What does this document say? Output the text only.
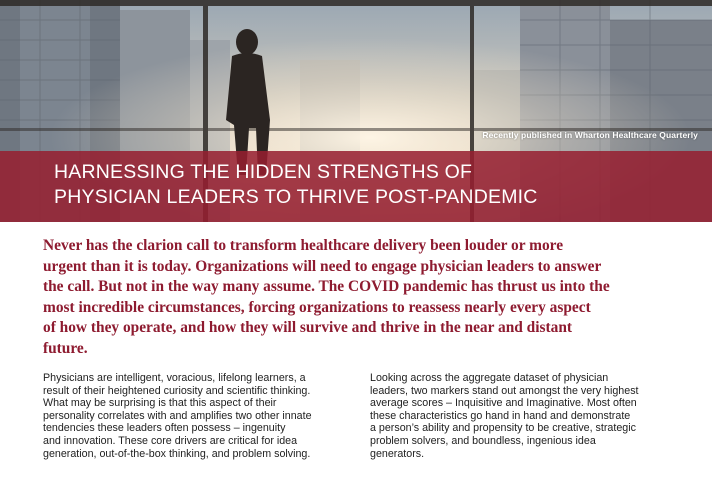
Recently published in Wharton Healthcare Quarterly
HARNESSING THE HIDDEN STRENGTHS OF
PHYSICIAN LEADERS TO THRIVE POST-PANDEMIC
Never has the clarion call to transform healthcare delivery been louder or more
urgent than it is today. Organizations will need to engage physician leaders to answer
the call. But not in the way many assume. The COVID pandemic has thrust us into the
most incredible circumstances, forcing organizations to reassess nearly every aspect
of how they operate, and how they will survive and thrive in the near and distant
future.
Physicians are intelligent, voracious, lifelong learners, a
result of their heightened curiosity and scientific thinking.
What may be surprising is that this aspect of their
personality correlates with and amplifies two other innate
tendencies these leaders often possess – ingenuity
and innovation. These core drivers are critical for idea
generation, out-of-the-box thinking, and problem solving.
Looking across the aggregate dataset of physician
leaders, two markers stand out amongst the very highest
average scores – Inquisitive and Imaginative. Most often
these characteristics go hand in hand and demonstrate
a person’s ability and propensity to be creative, strategic
problem solvers, and boundless, ingenious idea
generators.
